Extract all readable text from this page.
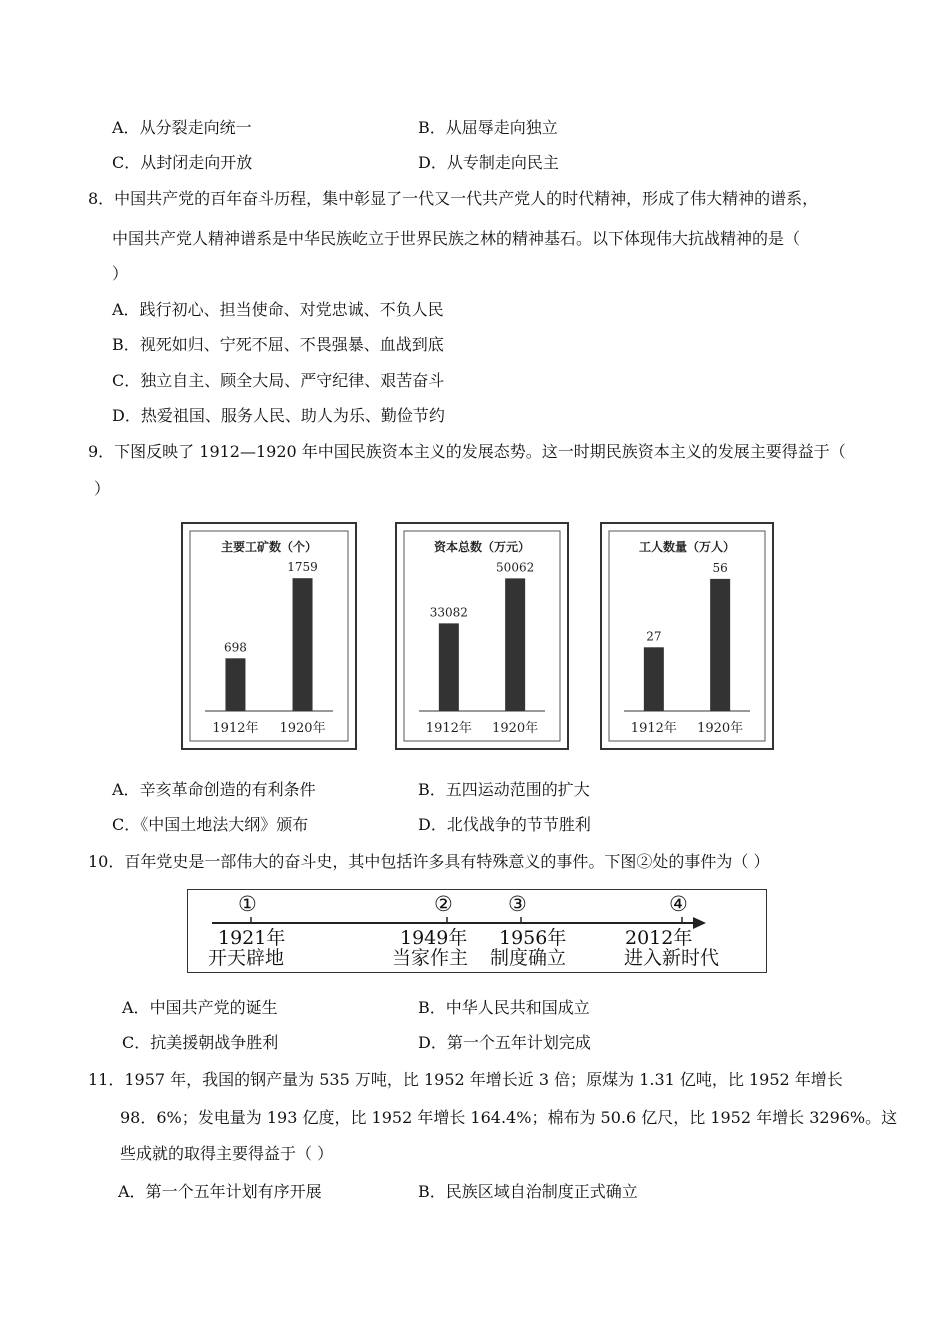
A．从分裂走向统一	B．从屈辱走向独立
C．从封闭走向开放	D．从专制走向民主
8．中国共产党的百年奋斗历程，集中彰显了一代又一代共产党人的时代精神，形成了伟大精神的谱系，
中国共产党人精神谱系是中华民族屹立于世界民族之林的精神基石。以下体现伟大抗战精神的是（
）
A．践行初心、担当使命、对党忠诚、不负人民
B．视死如归、宁死不屈、不畏强暴、血战到底
C．独立自主、顾全大局、严守纪律、艰苦奋斗
D．热爱祖国、服务人民、助人为乐、勤俭节约
9．下图反映了 1912—1920 年中国民族资本主义的发展态势。这一时期民族资本主义的发展主要得益于（
）
主要工矿数（个）
698
1912年
1759
1920年
资本总数（万元）
33082
1912年
50062
1920年
工人数量（万人）
27
1912年
56
1920年
A．辛亥革命创造的有利条件	B．五四运动范围的扩大
C．《中国土地法大纲》颁布	D．北伐战争的节节胜利
10．百年党史是一部伟大的奋斗史，其中包括许多具有特殊意义的事件。下图②处的事件为（ ）
①	②	③	④
1921年	1949年 1956年	2012年
开天辟地	当家作主 制度确立	进入新时代
A．中国共产党的诞生	B．中华人民共和国成立
C．抗美援朝战争胜利	D．第一个五年计划完成
11．1957 年，我国的钢产量为 535 万吨，比 1952 年增长近 3 倍；原煤为 1.31 亿吨，比 1952 年增长
98．6%；发电量为 193 亿度，比 1952 年增长 164.4%；棉布为 50.6 亿尺，比 1952 年增长 3296%。这
些成就的取得主要得益于（ ）
A．第一个五年计划有序开展	B．民族区域自治制度正式确立
